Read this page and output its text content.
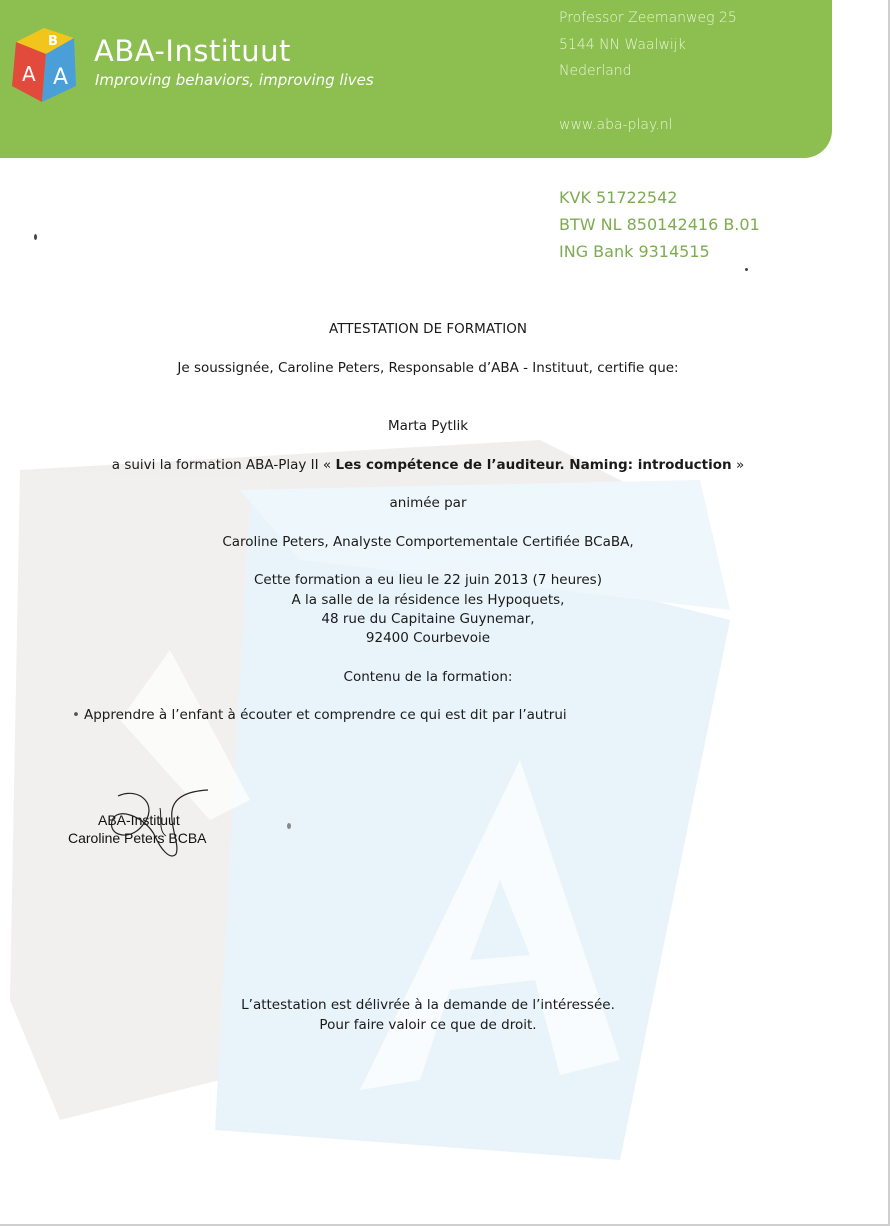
B
A A
ABA-Instituut
Improving behaviors, improving lives
Professor Zeemanweg 25
5144 NN Waalwijk
Nederland
www.aba-play.nl
KVK 51722542
BTW NL 850142416 B.01
ING Bank 9314515
ATTESTATION DE FORMATION
Je soussignée, Caroline Peters, Responsable d’ABA - Instituut, certifie que:
Marta Pytlik
a suivi la formation ABA-Play II « Les compétence de l’auditeur. Naming: introduction »
animée par
Caroline Peters, Analyste Comportementale Certifiée BCaBA,
Cette formation a eu lieu le 22 juin 2013 (7 heures)
A la salle de la résidence les Hypoquets,
48 rue du Capitaine Guynemar,
92400 Courbevoie
Contenu de la formation:
• Apprendre à l’enfant à écouter et comprendre ce qui est dit par l’autrui
ABA-Instituut
Caroline Peters BCBA
L’attestation est délivrée à la demande de l’intéressée.
Pour faire valoir ce que de droit.
